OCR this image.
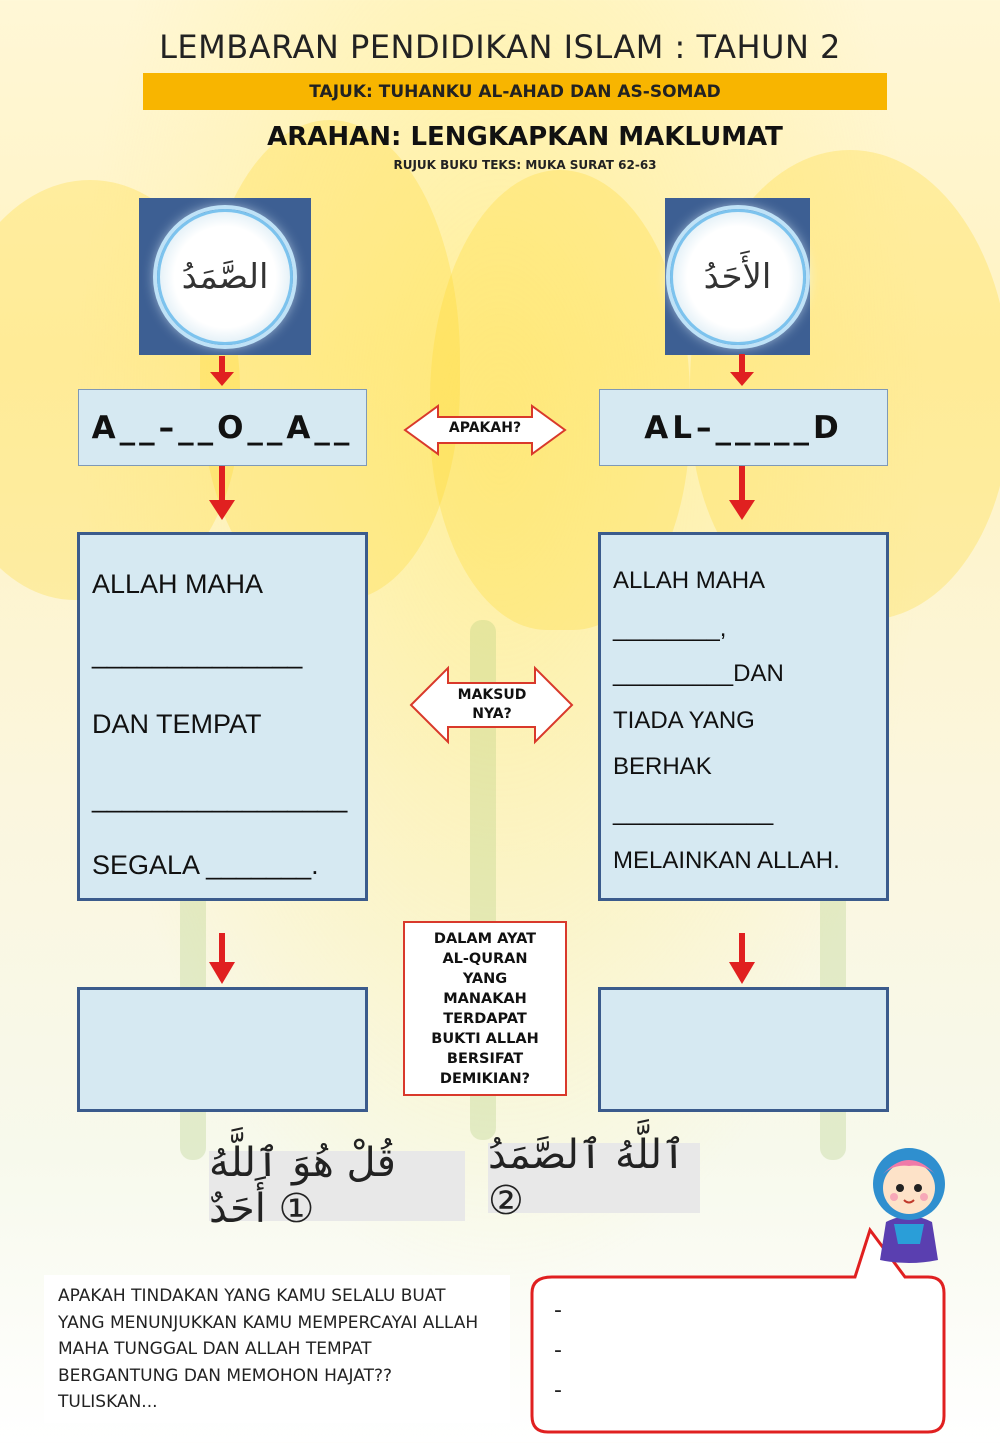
LEMBARAN PENDIDIKAN ISLAM : TAHUN 2
TAJUK: TUHANKU AL-AHAD DAN AS-SOMAD
ARAHAN: LENGKAPKAN MAKLUMAT
RUJUK BUKU TEKS: MUKA SURAT 62-63
الصَّمَدُ	الأَحَدُ
APAKAH?
MAKSUD NYA?
A__–__O__A__	AL–_____D
ALLAH MAHA
______________
DAN TEMPAT
_________________
SEGALA _______.
ALLAH MAHA
________,
_________DAN
TIADA YANG
BERHAK
____________
MELAINKAN ALLAH.
DALAM AYAT AL-QURAN YANG MANAKAH TERDAPAT BUKTI ALLAH BERSIFAT DEMIKIAN?
قُلْ هُوَ ٱللَّهُ أَحَدٌ ①
ٱللَّهُ ٱلصَّمَدُ ②
APAKAH TINDAKAN YANG KAMU SELALU BUAT YANG MENUNJUKKAN KAMU MEMPERCAYAI ALLAH MAHA TUNGGAL DAN ALLAH TEMPAT BERGANTUNG DAN MEMOHON HAJAT?? TULISKAN...
-
-
-
